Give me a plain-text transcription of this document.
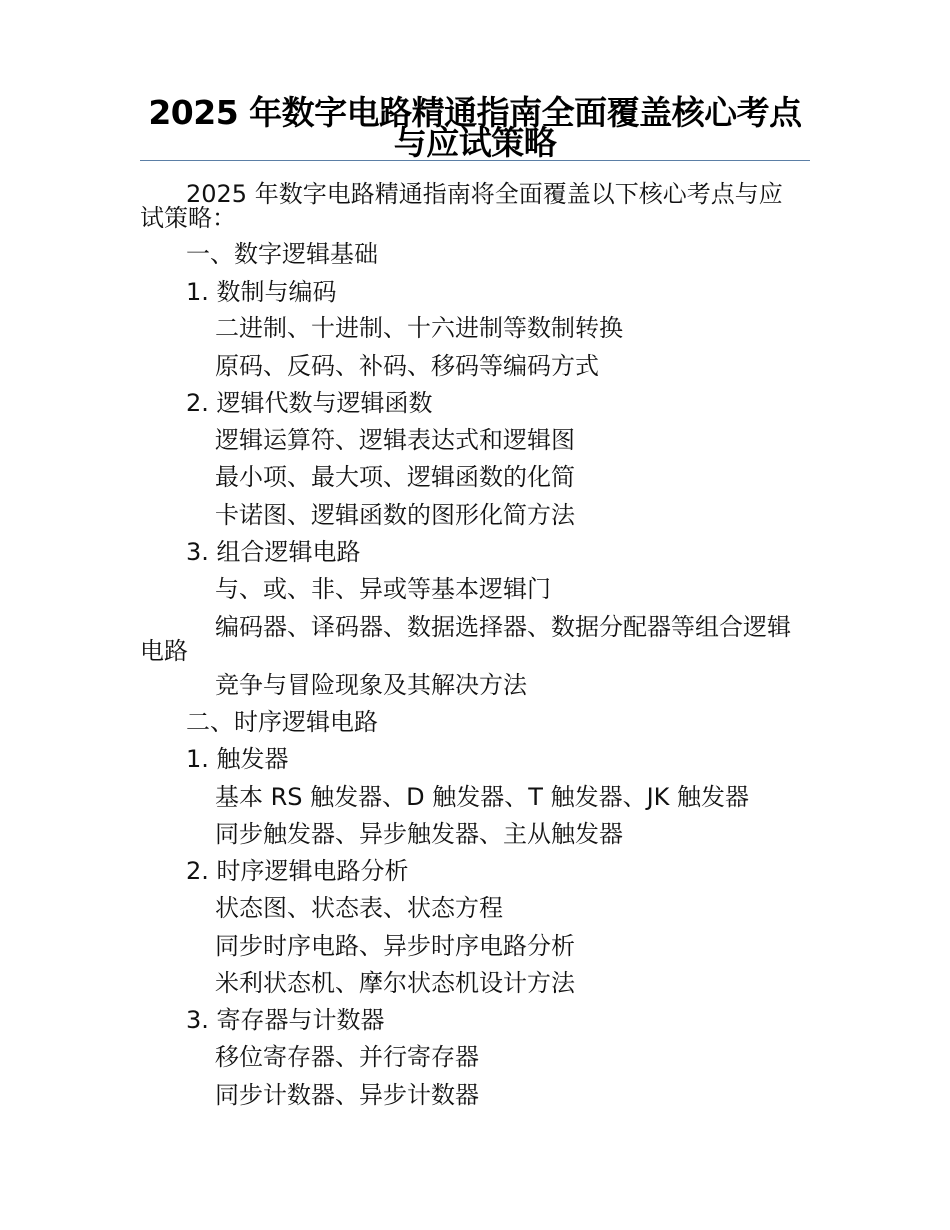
2025 年数字电路精通指南全面覆盖核心考点与应试策略
2025 年数字电路精通指南将全面覆盖以下核心考点与应试策略：
一、数字逻辑基础
1. 数制与编码
二进制、十进制、十六进制等数制转换
原码、反码、补码、移码等编码方式
2. 逻辑代数与逻辑函数
逻辑运算符、逻辑表达式和逻辑图
最小项、最大项、逻辑函数的化简
卡诺图、逻辑函数的图形化简方法
3. 组合逻辑电路
与、或、非、异或等基本逻辑门
编码器、译码器、数据选择器、数据分配器等组合逻辑电路
竞争与冒险现象及其解决方法
二、时序逻辑电路
1. 触发器
基本 RS 触发器、D 触发器、T 触发器、JK 触发器
同步触发器、异步触发器、主从触发器
2. 时序逻辑电路分析
状态图、状态表、状态方程
同步时序电路、异步时序电路分析
米利状态机、摩尔状态机设计方法
3. 寄存器与计数器
移位寄存器、并行寄存器
同步计数器、异步计数器
